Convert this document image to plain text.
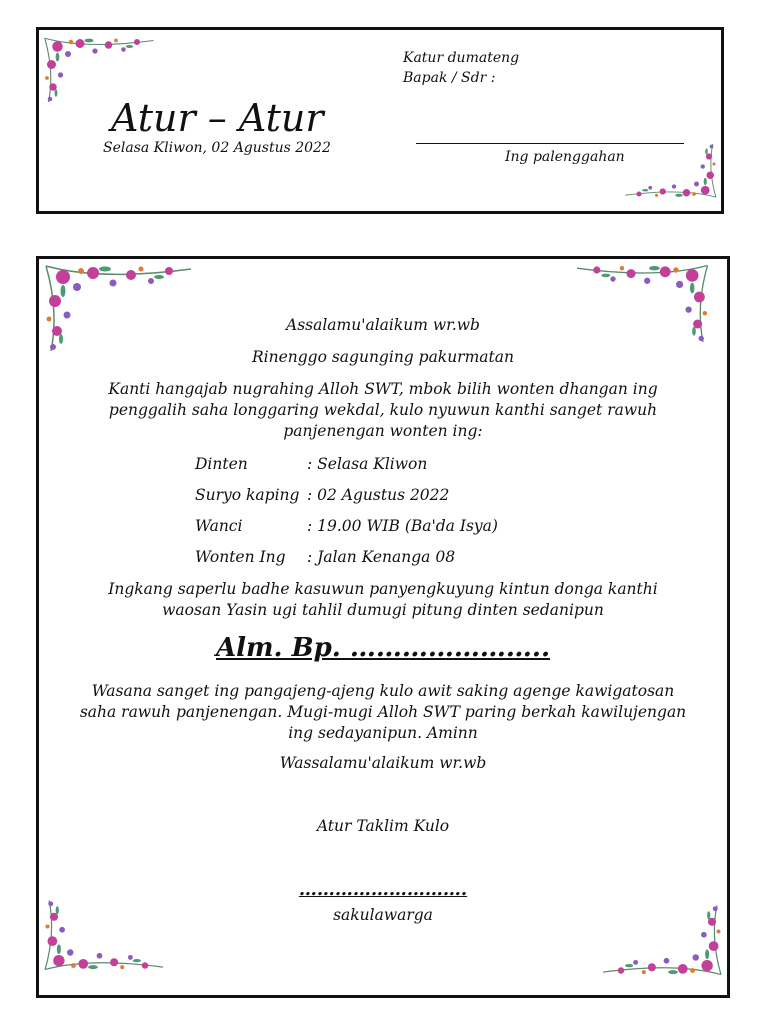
Atur – Atur
Selasa Kliwon, 02 Agustus 2022
Katur dumateng
Bapak / Sdr :
Ing palenggahan
Assalamu'alaikum wr.wb
Rinenggo sagunging pakurmatan
Kanti hangajab nugrahing Alloh SWT, mbok bilih wonten dhangan ing penggalih saha longgaring wekdal, kulo nyuwun kanthi sanget rawuh panjenengan wonten ing:
Dinten	: Selasa Kliwon
Suryo kaping : 02 Agustus 2022
Wanci	: 19.00 WIB (Ba'da Isya)
Wonten Ing	: Jalan Kenanga 08
Ingkang saperlu badhe kasuwun panyengkuyung kintun donga kanthi waosan Yasin ugi tahlil dumugi pitung dinten sedanipun
Alm. Bp. …………………..
Wasana sanget ing pangajeng-ajeng kulo awit saking agenge kawigatosan saha rawuh panjenengan. Mugi-mugi Alloh SWT paring berkah kawilujengan ing sedayanipun. Aminn
Wassalamu'alaikum wr.wb
Atur Taklim Kulo
……………………….
sakulawarga
